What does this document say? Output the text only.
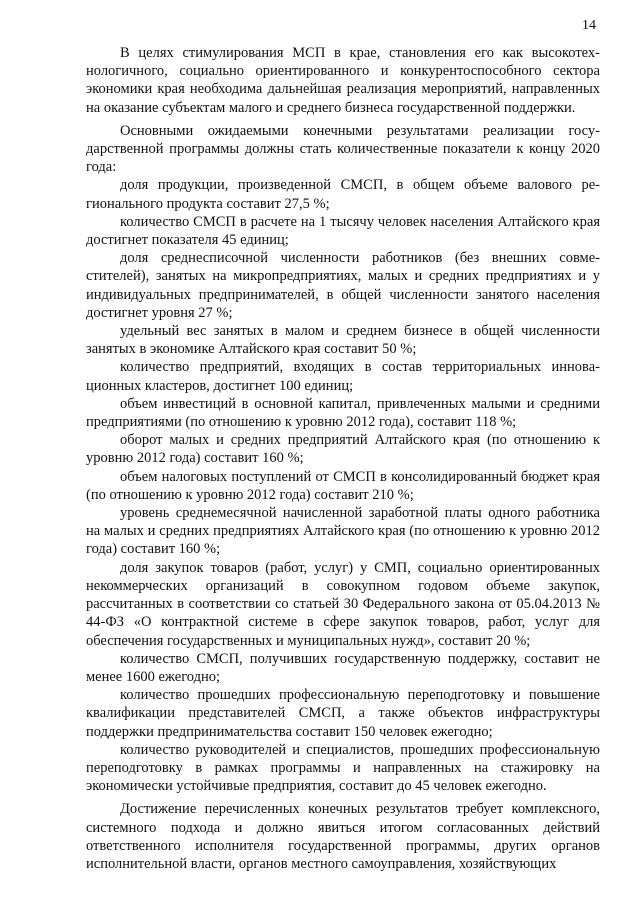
14

В целях стимулирования МСП в крае, становления его как высокотехнологичного, социально ориентированного и конкурентоспособного сектора экономики края необходима дальнейшая реализация мероприятий, направленных на оказание субъектам малого и среднего бизнеса государственной поддержки.

Основными ожидаемыми конечными результатами реализации государственной программы должны стать количественные показатели к концу 2020 года:

доля продукции, произведенной СМСП, в общем объеме валового регионального продукта составит 27,5 %;

количество СМСП в расчете на 1 тысячу человек населения Алтайского края достигнет показателя 45 единиц;

доля среднесписочной численности работников (без внешних совместителей), занятых на микропредприятиях, малых и средних предприятиях и у индивидуальных предпринимателей, в общей численности занятого населения достигнет уровня 27 %;

удельный вес занятых в малом и среднем бизнесе в общей численности занятых в экономике Алтайского края составит 50 %;

количество предприятий, входящих в состав территориальных инновационных кластеров, достигнет 100 единиц;

объем инвестиций в основной капитал, привлеченных малыми и средними предприятиями (по отношению к уровню 2012 года), составит 118 %;

оборот малых и средних предприятий Алтайского края (по отношению к уровню 2012 года) составит 160 %;

объем налоговых поступлений от СМСП в консолидированный бюджет края (по отношению к уровню 2012 года) составит 210 %;

уровень среднемесячной начисленной заработной платы одного работника на малых и средних предприятиях Алтайского края (по отношению к уровню 2012 года) составит 160 %;

доля закупок товаров (работ, услуг) у СМП, социально ориентированных некоммерческих организаций в совокупном годовом объеме закупок, рассчитанных в соответствии со статьей 30 Федерального закона от 05.04.2013 № 44-ФЗ «О контрактной системе в сфере закупок товаров, работ, услуг для обеспечения государственных и муниципальных нужд», составит 20 %;

количество СМСП, получивших государственную поддержку, составит не менее 1600 ежегодно;

количество прошедших профессиональную переподготовку и повышение квалификации представителей СМСП, а также объектов инфраструктуры поддержки предпринимательства составит 150 человек ежегодно;

количество руководителей и специалистов, прошедших профессиональную переподготовку в рамках программы и направленных на стажировку на экономически устойчивые предприятия, составит до 45 человек ежегодно.

Достижение перечисленных конечных результатов требует комплексного, системного подхода и должно явиться итогом согласованных действий ответственного исполнителя государственной программы, других органов исполнительной власти, органов местного самоуправления, хозяйствующих
